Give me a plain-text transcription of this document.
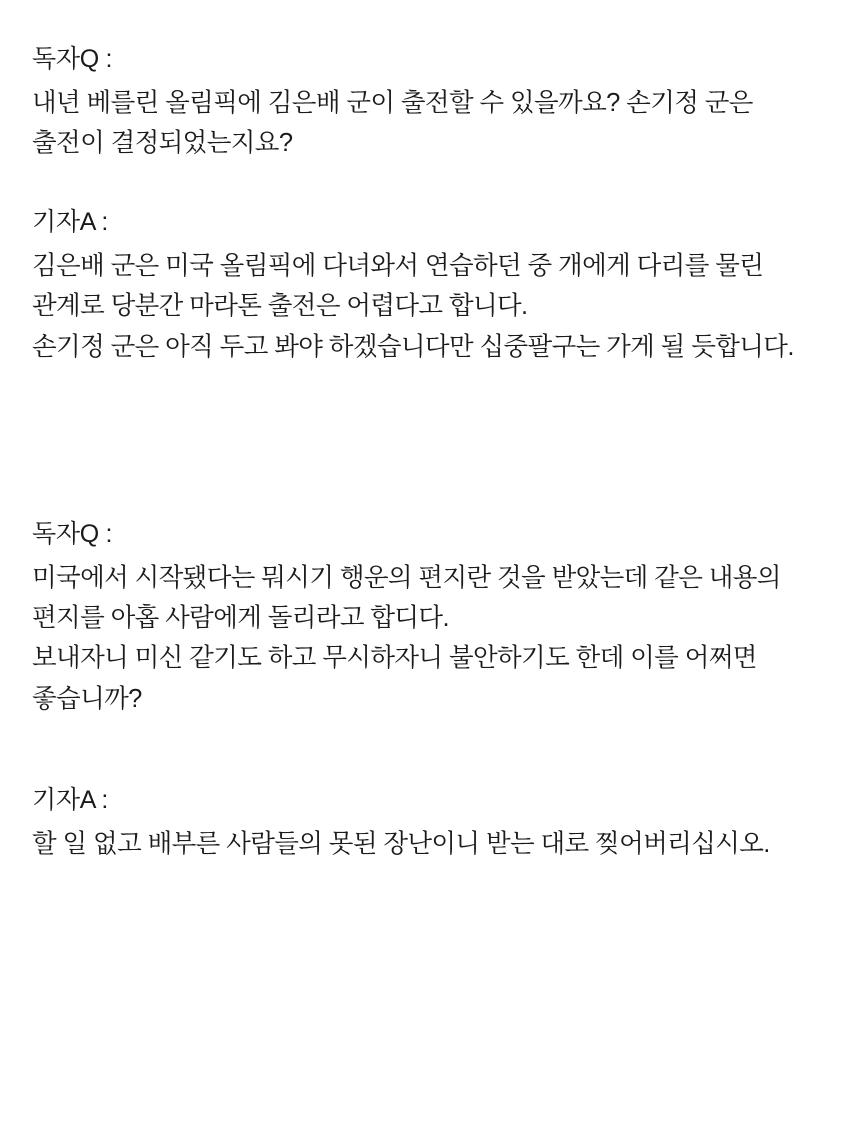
독자Q :

내년 베를린 올림픽에 김은배 군이 출전할 수 있을까요? 손기정 군은 출전이 결정되었는지요?

기자A :

김은배 군은 미국 올림픽에 다녀와서 연습하던 중 개에게 다리를 물린 관계로 당분간 마라톤 출전은 어렵다고 합니다.

손기정 군은 아직 두고 봐야 하겠습니다만 십중팔구는 가게 될 듯합니다.

독자Q :

미국에서 시작됐다는 뭐시기 행운의 편지란 것을 받았는데 같은 내용의 편지를 아홉 사람에게 돌리라고 합디다.

보내자니 미신 같기도 하고 무시하자니 불안하기도 한데 이를 어쩌면 좋습니까?

기자A :

할 일 없고 배부른 사람들의 못된 장난이니 받는 대로 찢어버리십시오.
